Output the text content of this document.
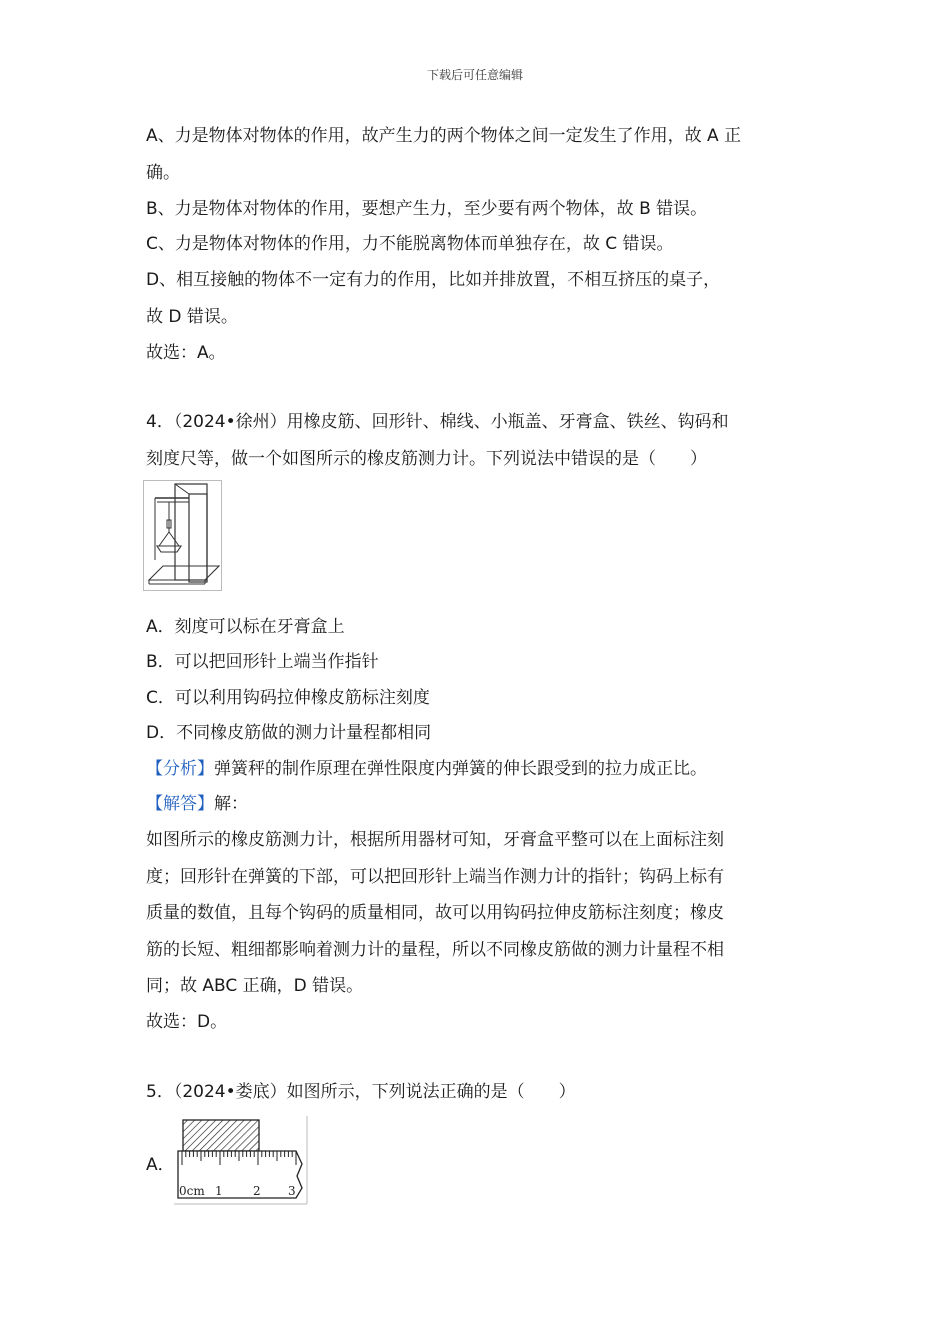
下载后可任意编辑
A、力是物体对物体的作用，故产生力的两个物体之间一定发生了作用，故 A 正
确。
B、力是物体对物体的作用，要想产生力，至少要有两个物体，故 B 错误。
C、力是物体对物体的作用，力不能脱离物体而单独存在，故 C 错误。
D、相互接触的物体不一定有力的作用，比如并排放置，不相互挤压的桌子，
故 D 错误。
故选：A。
4．（2024•徐州）用橡皮筋、回形针、棉线、小瓶盖、牙膏盒、铁丝、钩码和
刻度尺等，做一个如图所示的橡皮筋测力计。下列说法中错误的是（　　）
A．刻度可以标在牙膏盒上
B．可以把回形针上端当作指针
C．可以利用钩码拉伸橡皮筋标注刻度
D．不同橡皮筋做的测力计量程都相同
【分析】弹簧秤的制作原理在弹性限度内弹簧的伸长跟受到的拉力成正比。
【解答】解：
如图所示的橡皮筋测力计，根据所用器材可知，牙膏盒平整可以在上面标注刻
度；回形针在弹簧的下部，可以把回形针上端当作测力计的指针；钩码上标有
质量的数值，且每个钩码的质量相同，故可以用钩码拉伸皮筋标注刻度；橡皮
筋的长短、粗细都影响着测力计的量程，所以不同橡皮筋做的测力计量程不相
同；故 ABC 正确，D 错误。
故选：D。
5．（2024•娄底）如图所示，下列说法正确的是（　　）
A．
0cm 1	2 3
